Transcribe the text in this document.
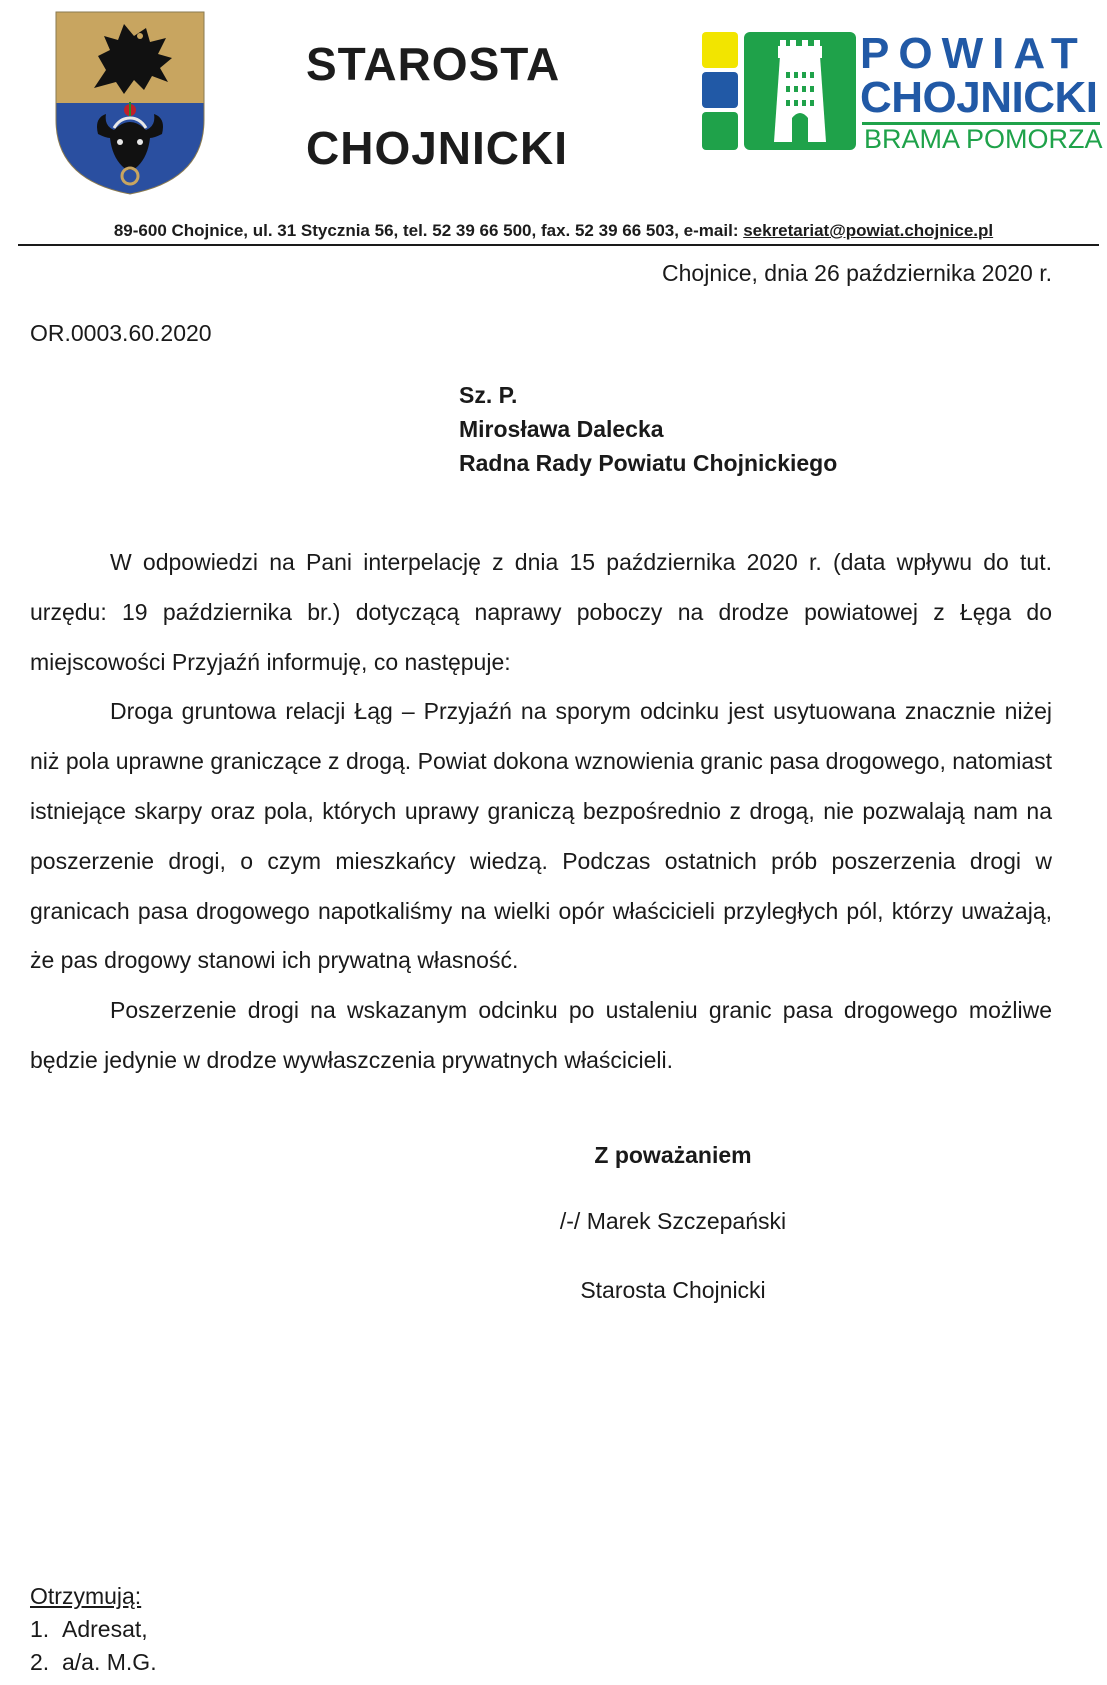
STAROSTA
CHOJNICKI
POWIAT
CHOJNICKI
BRAMA POMORZA
89-600 Chojnice, ul. 31 Stycznia 56, tel. 52 39 66 500, fax. 52 39 66 503, e-mail: sekretariat@powiat.chojnice.pl
Chojnice, dnia 26 października 2020 r.
OR.0003.60.2020
Sz. P.
Mirosława Dalecka
Radna Rady Powiatu Chojnickiego

W odpowiedzi na Pani interpelację z dnia 15 października 2020 r. (data wpływu do tut. urzędu: 19 października br.) dotyczącą naprawy poboczy na drodze powiatowej z Łęga do miejscowości Przyjaźń informuję, co następuje:

Droga gruntowa relacji Łąg – Przyjaźń na sporym odcinku jest usytuowana znacznie niżej niż pola uprawne graniczące z drogą. Powiat dokona wznowienia granic pasa drogowego, natomiast istniejące skarpy oraz pola, których uprawy graniczą bezpośrednio z drogą, nie pozwalają nam na poszerzenie drogi, o czym mieszkańcy wiedzą. Podczas ostatnich prób poszerzenia drogi w granicach pasa drogowego napotkaliśmy na wielki opór właścicieli przyległych pól, którzy uważają, że pas drogowy stanowi ich prywatną własność.

Poszerzenie drogi na wskazanym odcinku po ustaleniu granic pasa drogowego możliwe będzie jedynie w drodze wywłaszczenia prywatnych właścicieli.

Z poważaniem
/-/ Marek Szczepański
Starosta Chojnicki
Otrzymują:
1. Adresat,
2. a/a. M.G.
